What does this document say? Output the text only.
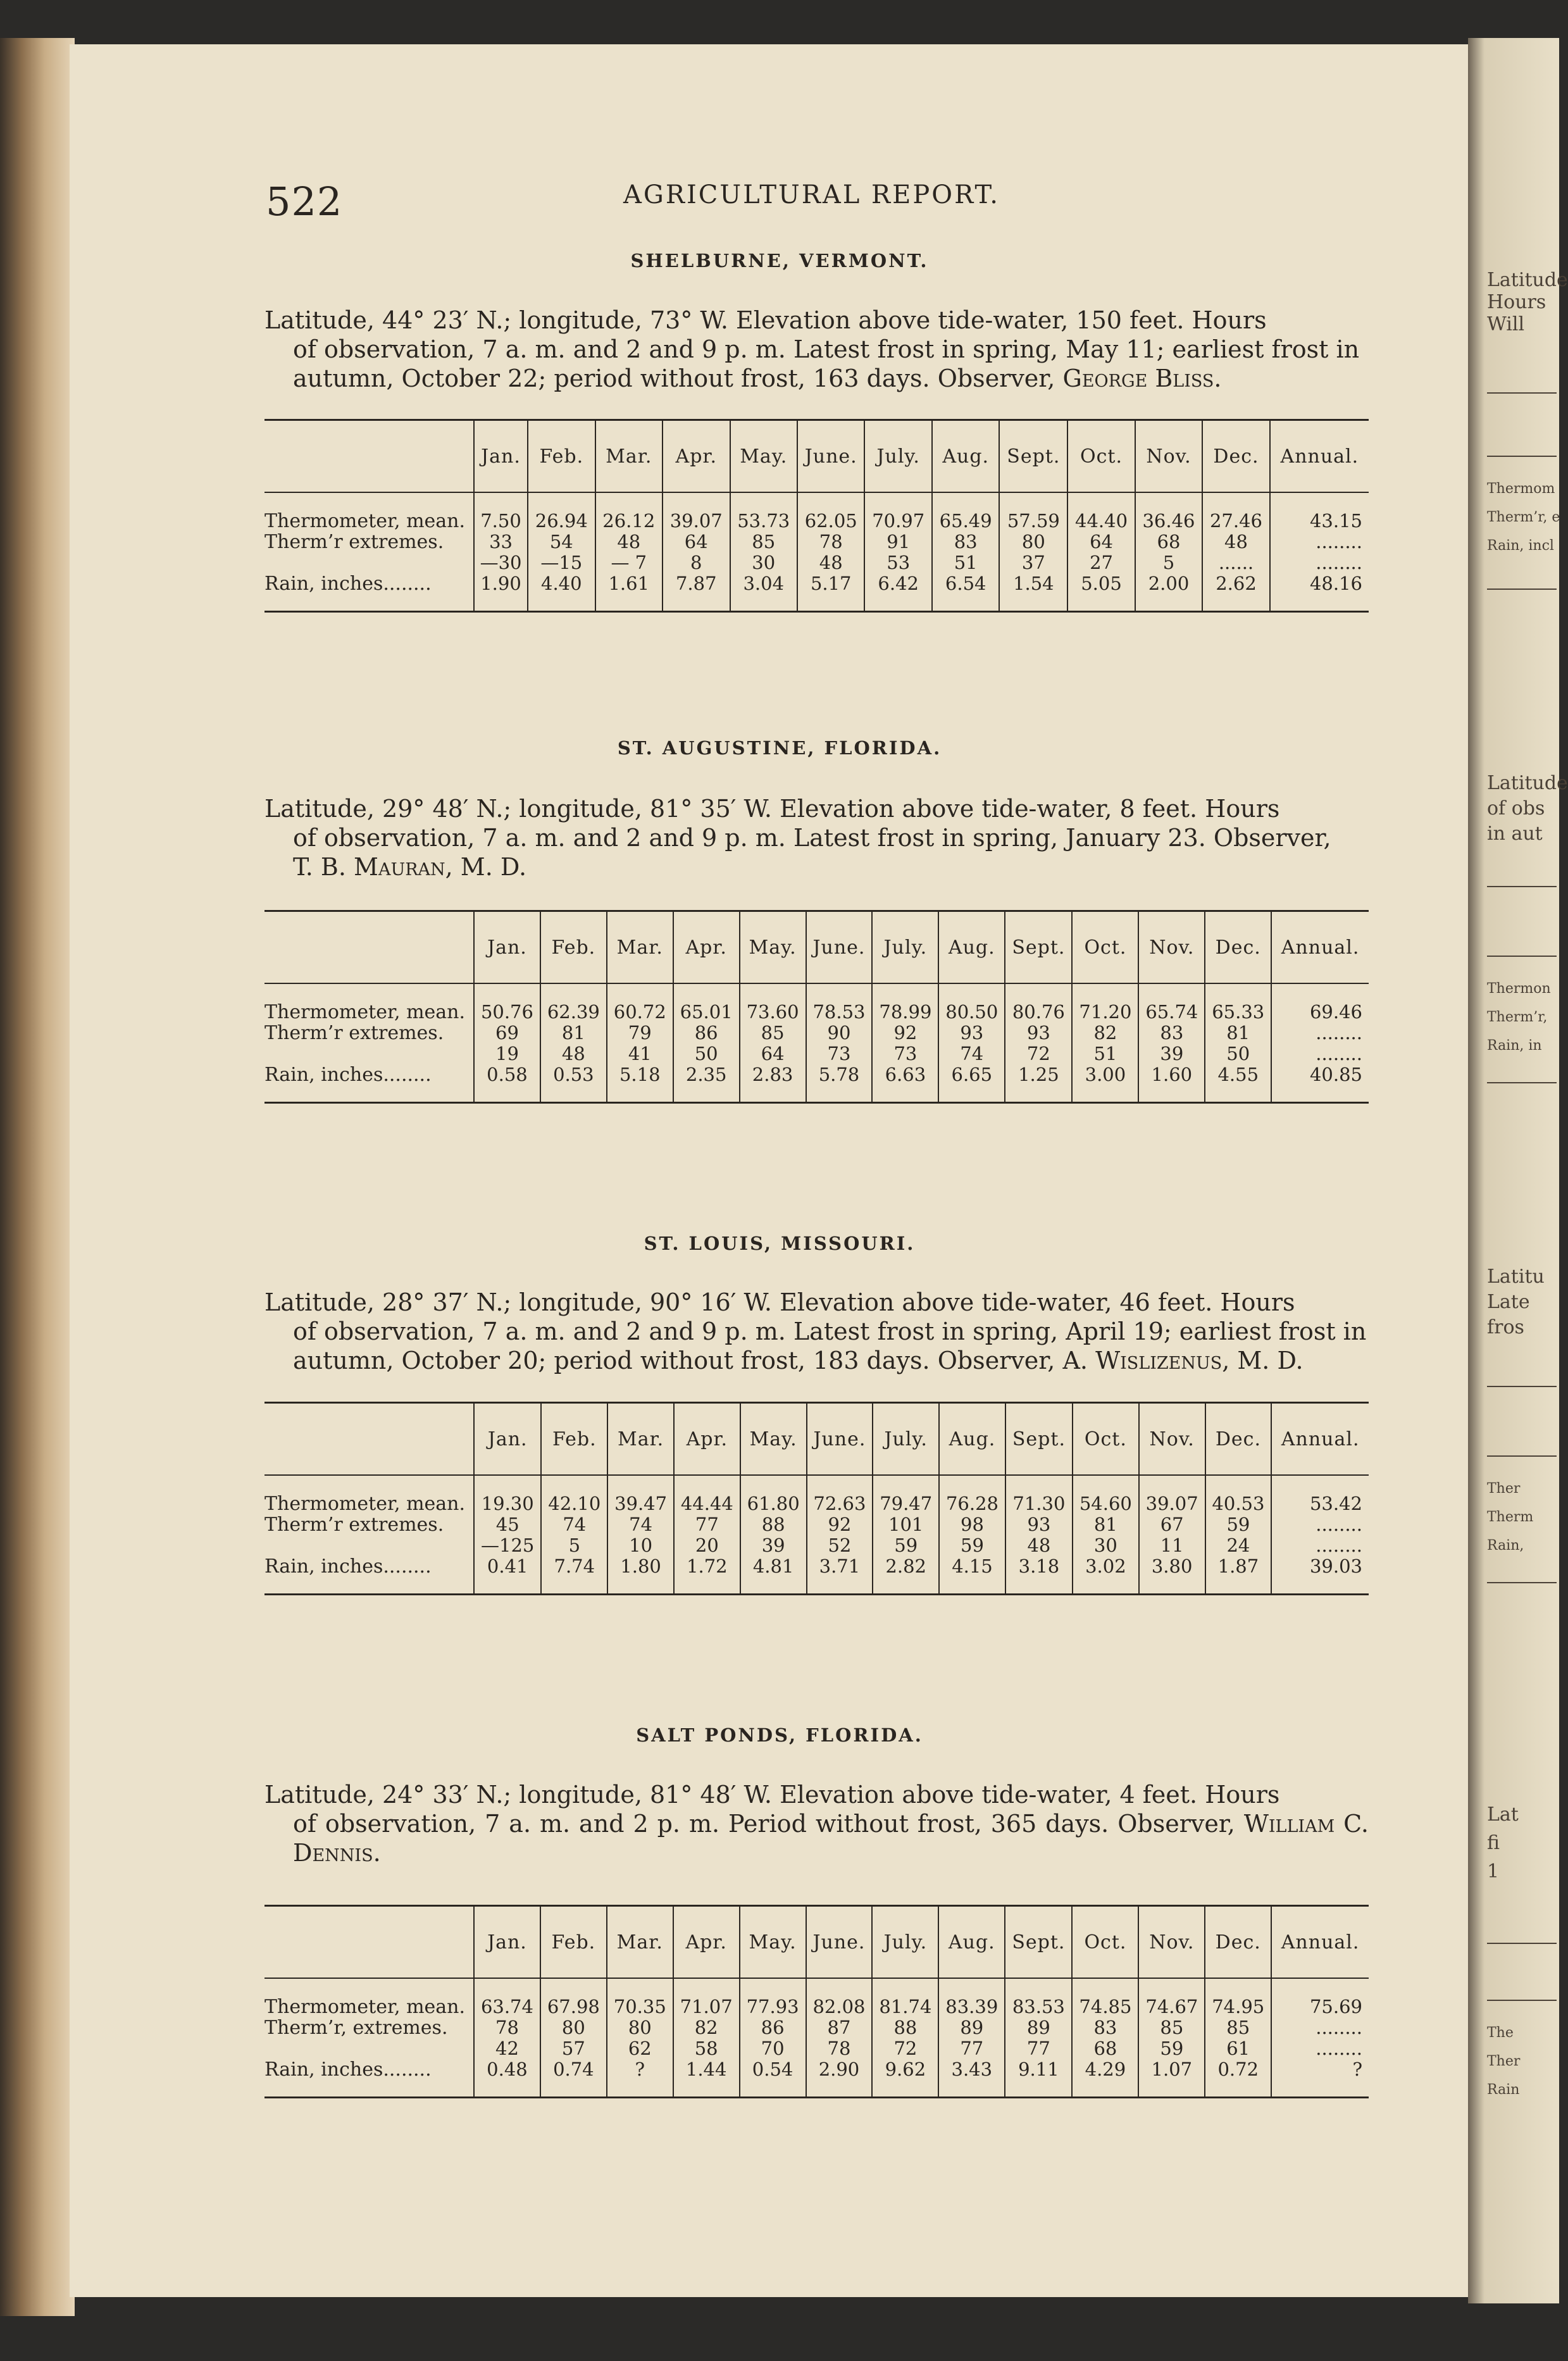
Latitude
Hours
Will
Thermom
Therm’r, e
Rain, incl
Latitude
of obs
in aut
Thermon
Therm’r,
Rain, in
Latitu
Late
fros
Ther
Therm
Rain,
Lat
fi
1
The
Ther
Rain
522	AGRICULTURAL REPORT.
SHELBURNE, VERMONT.
Latitude, 44° 23′ N.; longitude, 73° W. Elevation above tide-water, 150 feet. Hours
of observation, 7 a. m. and 2 and 9 p. m. Latest frost in spring, May 11; earliest frost in
autumn, October 22; period without frost, 163 days. Observer, George Bliss.
	Jan.	Feb.	Mar.	Apr.	May.	June.	July.	Aug.	Sept.	Oct.	Nov.	Dec.	Annual.
Thermometer, mean.	7.50	26.94	26.12	39.07	53.73	62.05	70.97	65.49	57.59	44.40	36.46	27.46	43.15
Therm’r extremes.	33	54	48	64	85	78	91	83	80	64	68	48	........
	—30	—15	— 7	8	30	48	53	51	37	27	5	......	........
Rain, inches........	1.90	4.40	1.61	7.87	3.04	5.17	6.42	6.54	1.54	5.05	2.00	2.62	48.16
ST. AUGUSTINE, FLORIDA.
Latitude, 29° 48′ N.; longitude, 81° 35′ W. Elevation above tide-water, 8 feet. Hours
of observation, 7 a. m. and 2 and 9 p. m. Latest frost in spring, January 23. Observer,
T. B. Mauran, M. D.
	Jan.	Feb.	Mar.	Apr.	May.	June.	July.	Aug.	Sept.	Oct.	Nov.	Dec.	Annual.
Thermometer, mean.	50.76	62.39	60.72	65.01	73.60	78.53	78.99	80.50	80.76	71.20	65.74	65.33	69.46
Therm’r extremes.	69	81	79	86	85	90	92	93	93	82	83	81	........
	19	48	41	50	64	73	73	74	72	51	39	50	........
Rain, inches........	0.58	0.53	5.18	2.35	2.83	5.78	6.63	6.65	1.25	3.00	1.60	4.55	40.85
ST. LOUIS, MISSOURI.
Latitude, 28° 37′ N.; longitude, 90° 16′ W. Elevation above tide-water, 46 feet. Hours
of observation, 7 a. m. and 2 and 9 p. m. Latest frost in spring, April 19; earliest frost in
autumn, October 20; period without frost, 183 days. Observer, A. Wislizenus, M. D.
	Jan.	Feb.	Mar.	Apr.	May.	June.	July.	Aug.	Sept.	Oct.	Nov.	Dec.	Annual.
Thermometer, mean.	19.30	42.10	39.47	44.44	61.80	72.63	79.47	76.28	71.30	54.60	39.07	40.53	53.42
Therm’r extremes.	45	74	74	77	88	92	101	98	93	81	67	59	........
	—125	5	10	20	39	52	59	59	48	30	11	24	........
Rain, inches........	0.41	7.74	1.80	1.72	4.81	3.71	2.82	4.15	3.18	3.02	3.80	1.87	39.03
SALT PONDS, FLORIDA.
Latitude, 24° 33′ N.; longitude, 81° 48′ W. Elevation above tide-water, 4 feet. Hours
of observation, 7 a. m. and 2 p. m. Period without frost, 365 days. Observer, William C. Dennis.
	Jan.	Feb.	Mar.	Apr.	May.	June.	July.	Aug.	Sept.	Oct.	Nov.	Dec.	Annual.
Thermometer, mean.	63.74	67.98	70.35	71.07	77.93	82.08	81.74	83.39	83.53	74.85	74.67	74.95	75.69
Therm’r, extremes.	78	80	80	82	86	87	88	89	89	83	85	85	........
	42	57	62	58	70	78	72	77	77	68	59	61	........
Rain, inches........	0.48	0.74	?	1.44	0.54	2.90	9.62	3.43	9.11	4.29	1.07	0.72	?
